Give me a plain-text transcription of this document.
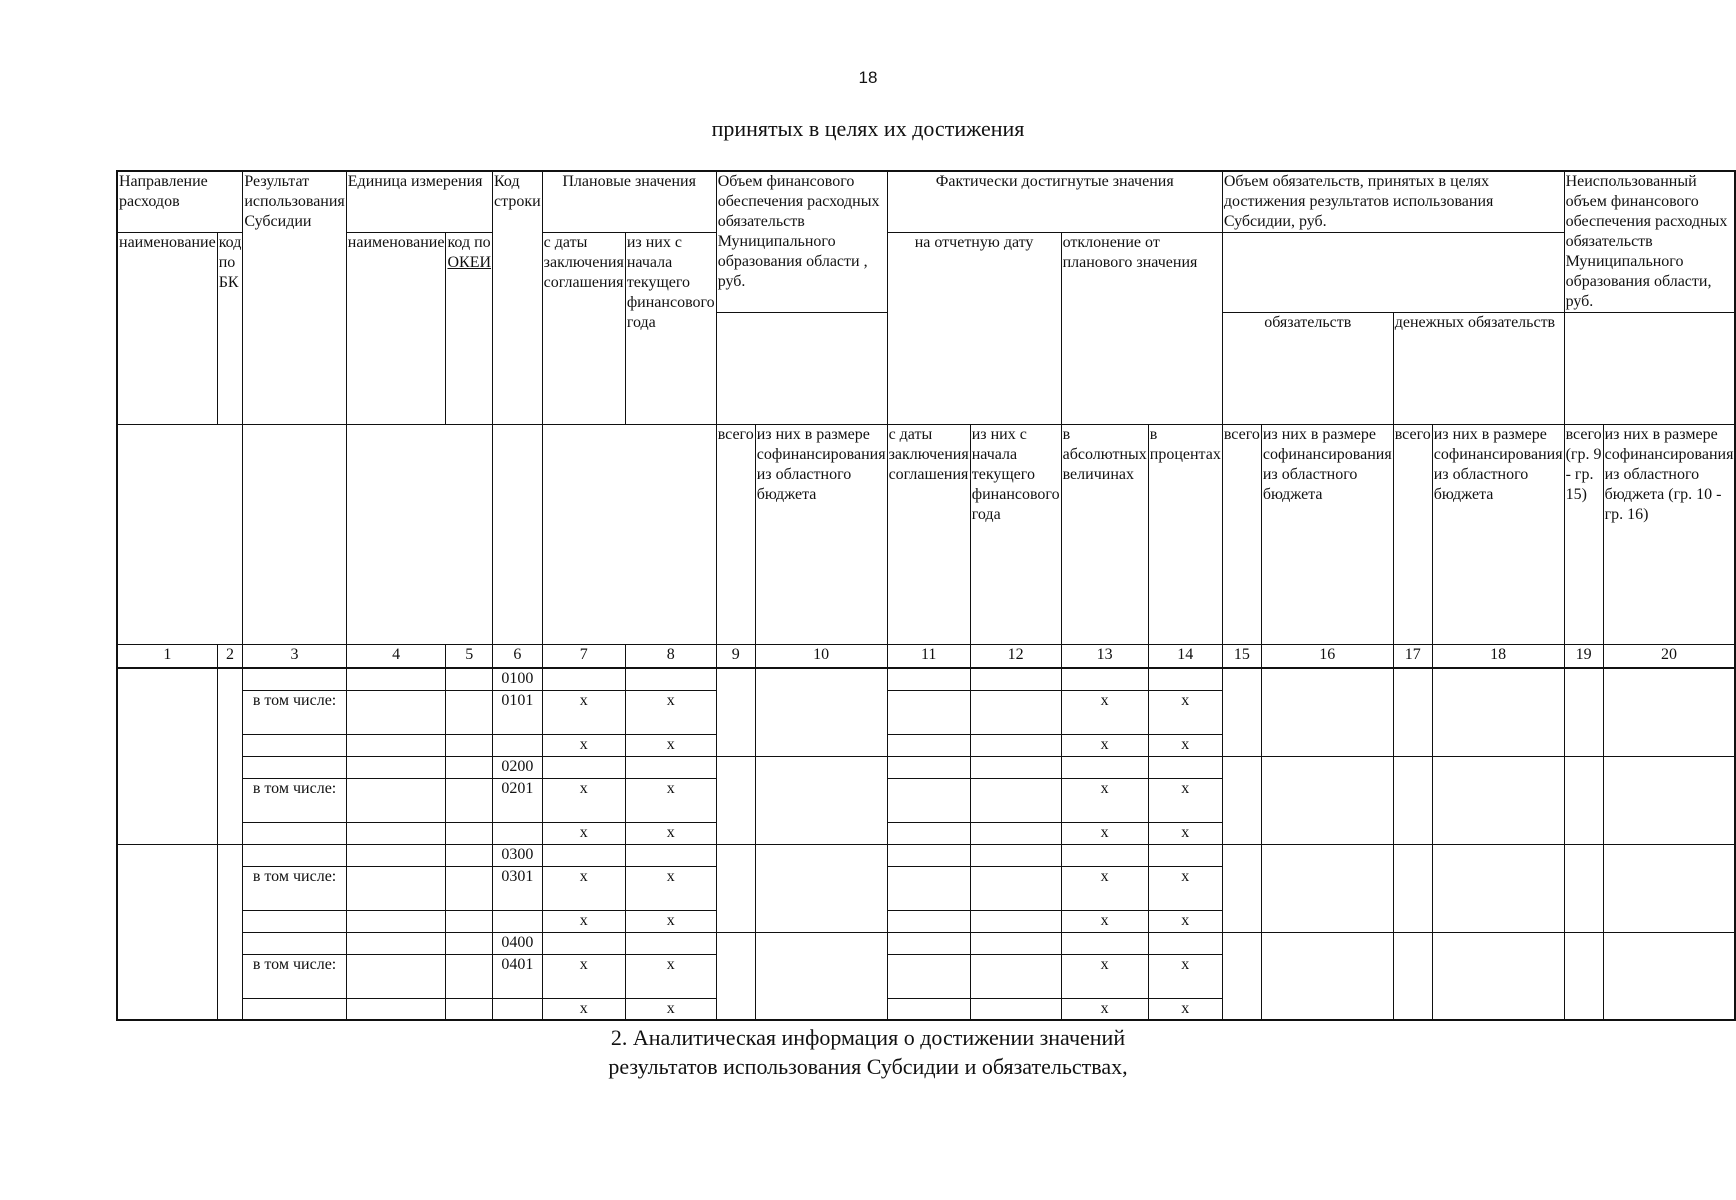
18
принятых в целях их достижения
Направление расходов		Результат использования Субсидии	Единица измерения		Код строки	Плановые значения		Объем финансового обеспечения расходных обязательств Муниципального образования области , руб.		Фактически достигнутые значения				Объем обязательств, принятых в целях достижения результатов использования Субсидии, руб.				Неиспользованный объем финансового обеспечения расходных обязательств Муниципального образования области, руб.	
наименование	код по БК		наименование	код по ОКЕИ		с даты заключения соглашения	из них с начала текущего финансового года			на отчетную дату		отклонение от планового значения							
														обязательств		денежных обязательств			
								всего	из них в размере софинансирования из областного бюджета	с даты заключения соглашения	из них с начала текущего финансового года	в абсолютных величинах	в процентах	всего	из них в размере софинансирования из областного бюджета	всего	из них в размере софинансирования из областного бюджета	всего (гр. 9 - гр. 15)	из них в размере софинансирования из областного бюджета (гр. 10 - гр. 16)
1	2	3	4	5	6	7	8	9	10	11	12	13	14	15	16	17	18	19	20
					0100														
		в том числе:			0101	x	x					x	x						
						x	x					x	x						
					0200														
		в том числе:			0201	x	x					x	x						
						x	x					x	x						
					0300														
		в том числе:			0301	x	x					x	x						
						x	x					x	x						
					0400														
		в том числе:			0401	x	x					x	x						
						x	x					x	x						
2. Аналитическая информация о достижении значений
результатов использования Субсидии и обязательствах,
